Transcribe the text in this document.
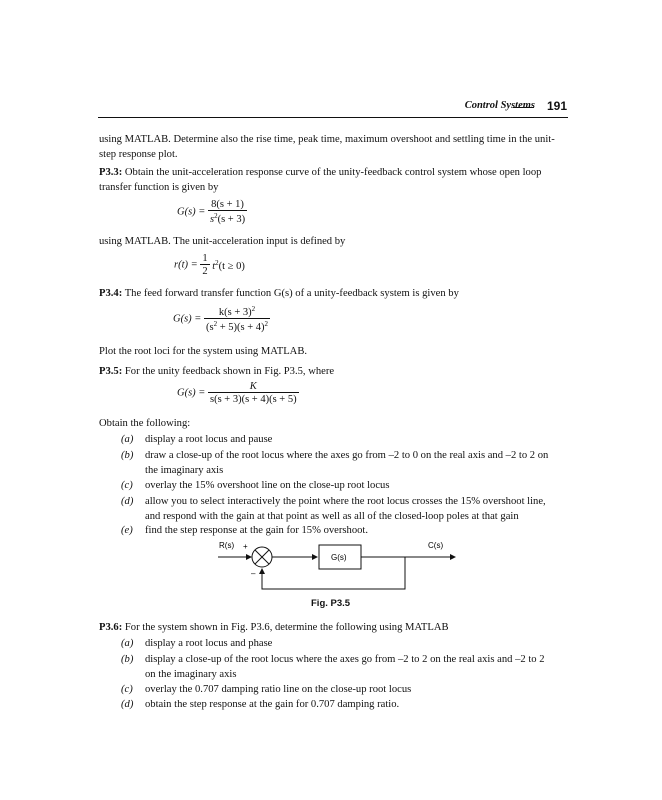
Control Systems 191
using MATLAB. Determine also the rise time, peak time, maximum overshoot and settling time in the unit-
step response plot.
P3.3: Obtain the unit-acceleration response curve of the unity-feedback control system whose open loop
transfer function is given by
$G(s) = \frac{8(s + 1)}{s^2(s + 3)}$
using MATLAB. The unit-acceleration input is defined by
$r(t) = \frac{1}{2} t^2(t \ge 0)$
P3.4: The feed forward transfer function G(s) of a unity-feedback system is given by
$G(s) = \frac{k(s + 3)^2}{(s^2 + 5)(s + 4)^2}$
Plot the root loci for the system using MATLAB.
P3.5: For the unity feedback shown in Fig. P3.5, where
$G(s) = \frac{K}{s(s + 3)(s + 4)(s + 5)}$
Obtain the following:
(a) display a root locus and pause
(b) draw a close-up of the root locus where the axes go from –2 to 0 on the real axis and –2 to 2 on
the imaginary axis
(c) overlay the 15% overshoot line on the close-up root locus
(d) allow you to select interactively the point where the root locus crosses the 15% overshoot line,
and respond with the gain at that point as well as all of the closed-loop poles at that gain
(e) find the step response at the gain for 15% overshoot.
R(s) +
–
G(s)
C(s)
Fig. P3.5
P3.6: For the system shown in Fig. P3.6, determine the following using MATLAB
(a) display a root locus and phase
(b) display a close-up of the root locus where the axes go from –2 to 2 on the real axis and –2 to 2
on the imaginary axis
(c) overlay the 0.707 damping ratio line on the close-up root locus
(d) obtain the step response at the gain for 0.707 damping ratio.
